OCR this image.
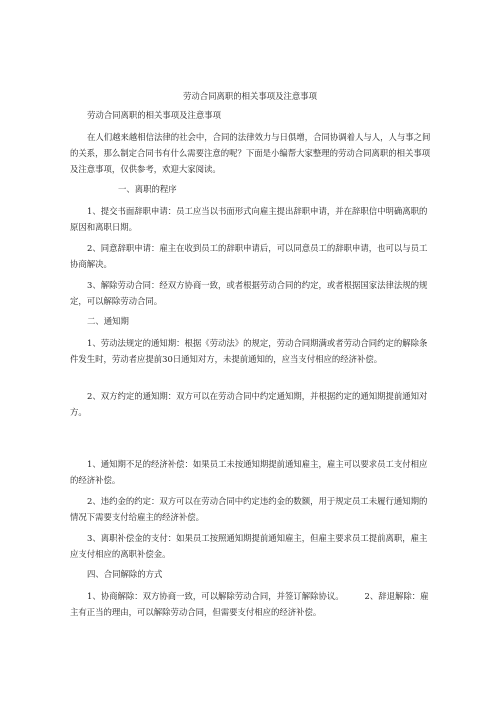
劳动合同离职的相关事项及注意事项
劳动合同离职的相关事项及注意事项
在人们越来越相信法律的社会中，合同的法律效力与日俱增，合同协调着人与人，人与事之间的关系，那么制定合同书有什么需要注意的呢？下面是小编帮大家整理的劳动合同离职的相关事项及注意事项，仅供参考，欢迎大家阅读。
一、离职的程序
1、提交书面辞职申请：员工应当以书面形式向雇主提出辞职申请，并在辞职信中明确离职的原因和离职日期。
2、同意辞职申请：雇主在收到员工的辞职申请后，可以同意员工的辞职申请，也可以与员工协商解决。
3、解除劳动合同：经双方协商一致，或者根据劳动合同的约定，或者根据国家法律法规的规定，可以解除劳动合同。
二、通知期
1、劳动法规定的通知期：根据《劳动法》的规定，劳动合同期满或者劳动合同约定的解除条件发生时，劳动者应提前30日通知对方，未提前通知的，应当支付相应的经济补偿。
2、双方约定的通知期：双方可以在劳动合同中约定通知期，并根据约定的通知期提前通知对方。
1、通知期不足的经济补偿：如果员工未按通知期提前通知雇主，雇主可以要求员工支付相应的经济补偿。
2、违约金的约定：双方可以在劳动合同中约定违约金的数额，用于规定员工未履行通知期的情况下需要支付给雇主的经济补偿。
3、离职补偿金的支付：如果员工按照通知期提前通知雇主，但雇主要求员工提前离职，雇主应支付相应的离职补偿金。
四、合同解除的方式
1、协商解除：双方协商一致，可以解除劳动合同，并签订解除协议。　　　2、辞退解除：雇主有正当的理由，可以解除劳动合同，但需要支付相应的经济补偿。
